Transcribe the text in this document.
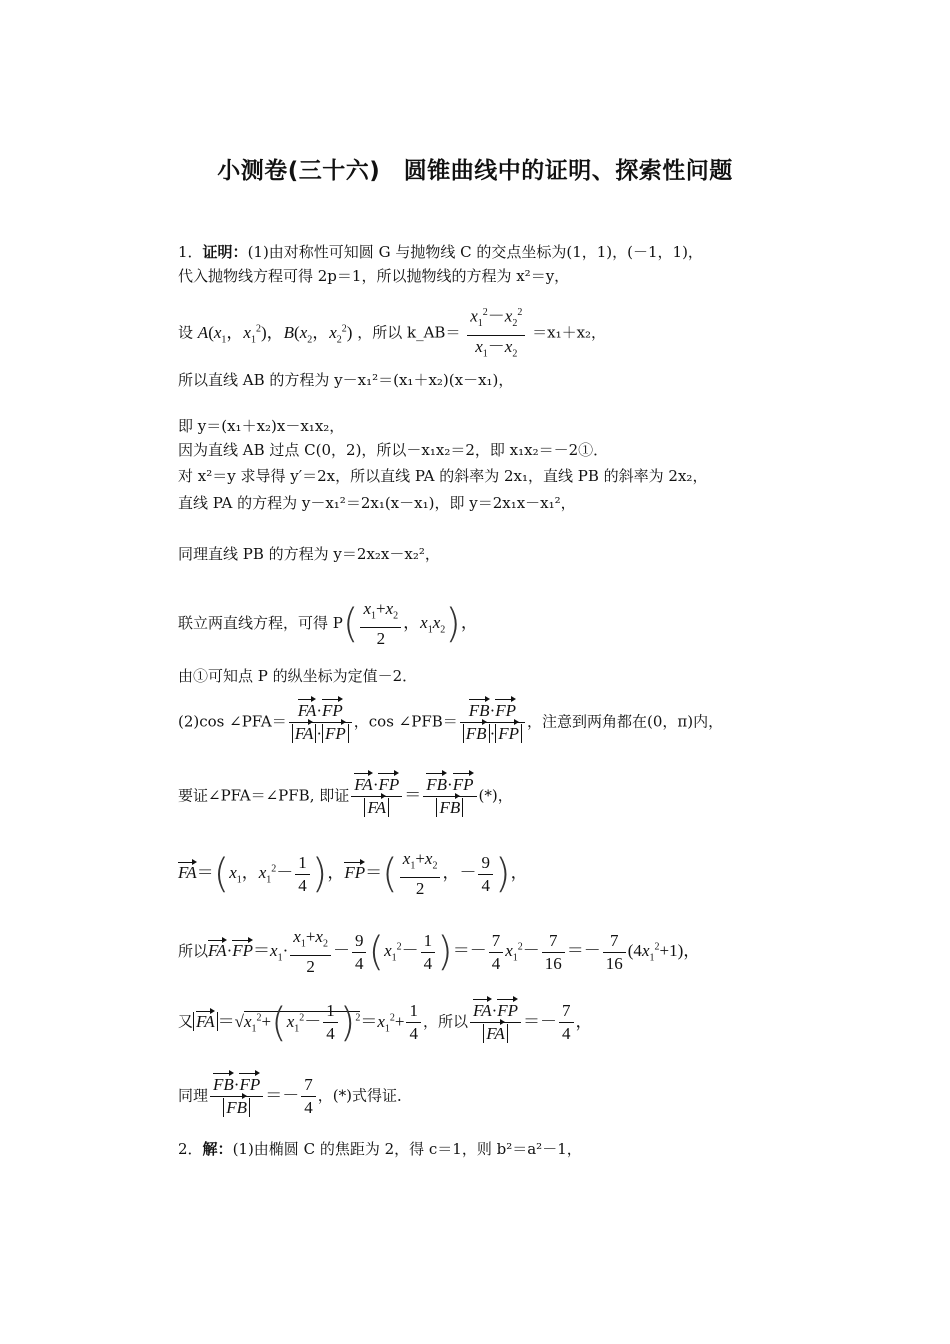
小测卷(三十六)　圆锥曲线中的证明、探索性问题
1．证明：(1)由对称性可知圆 G 与抛物线 C 的交点坐标为(1，1)，(－1，1)，
代入抛物线方程可得 2p＝1，所以抛物线的方程为 x²＝y，
设 $A(x_1$，$x_1^2$)，$B(x_2$，$x_2^2$) ，所以 k_AB＝ $\frac{x_1^2-x_2^2}{x_1-x_2} =x_1+x_2$，
所以直线 AB 的方程为 y－x₁²＝(x₁＋x₂)(x－x₁)，
即 y＝(x₁＋x₂)x－x₁x₂，
因为直线 AB 过点 C(0，2)，所以－x₁x₂＝2，即 x₁x₂＝－2①．
对 x²＝y 求导得 y′＝2x，所以直线 PA 的斜率为 2x₁，直线 PB 的斜率为 2x₂，
直线 PA 的方程为 y－x₁²＝2x₁(x－x₁)，即 y＝2x₁x－x₁²，
同理直线 PB 的方程为 y＝2x₂x－x₂²，
联立两直线方程，可得 $P( \frac{x_1+x_2}{2}$ ，$x_1x_2$)，
由①可知点 P 的纵坐标为定值－2．
(2)cos ∠PFA＝ $\frac{FA\cdot FP}{FA \cdot FP}$ ，cos ∠PFB＝ $\frac{FB\cdot FP}{FB \cdot FP}$ ，注意到两角都在(0，π)内，
要证∠PFA＝∠PFB, 即证 $\frac{FA\cdot FP}{FA} = \frac{FB\cdot FP}{FB}$ (*)，
$FA=(x_1$，$x_1^2- \frac{1}{4}$ )，$FP=( \frac{x_1+x_2}{2}$ ，－ $\frac{9}{4}$ )，
所以$FA\cdot FP=x_1\cdot \frac{x_1+x_2}{2} - \frac{9}{4} (x_1^2- \frac{1}{4}$ )＝－ $\frac{7}{4} x_1^2- \frac{7}{16} =- \frac{7}{16} (4x_1^2+1)$，
又 FA $=√x_1^2+(x_1^2- \frac{1}{4} )^2=x_1^2+ \frac{1}{4}$ ，所以 $\frac{FA\cdot FP}{FA} =- \frac{7}{4}$ ，
同理 $\frac{FB\cdot FP}{FB} =- \frac{7}{4}$ ，(*)式得证．
2．解：(1)由椭圆 C 的焦距为 2，得 c＝1，则 b²＝a²－1，
